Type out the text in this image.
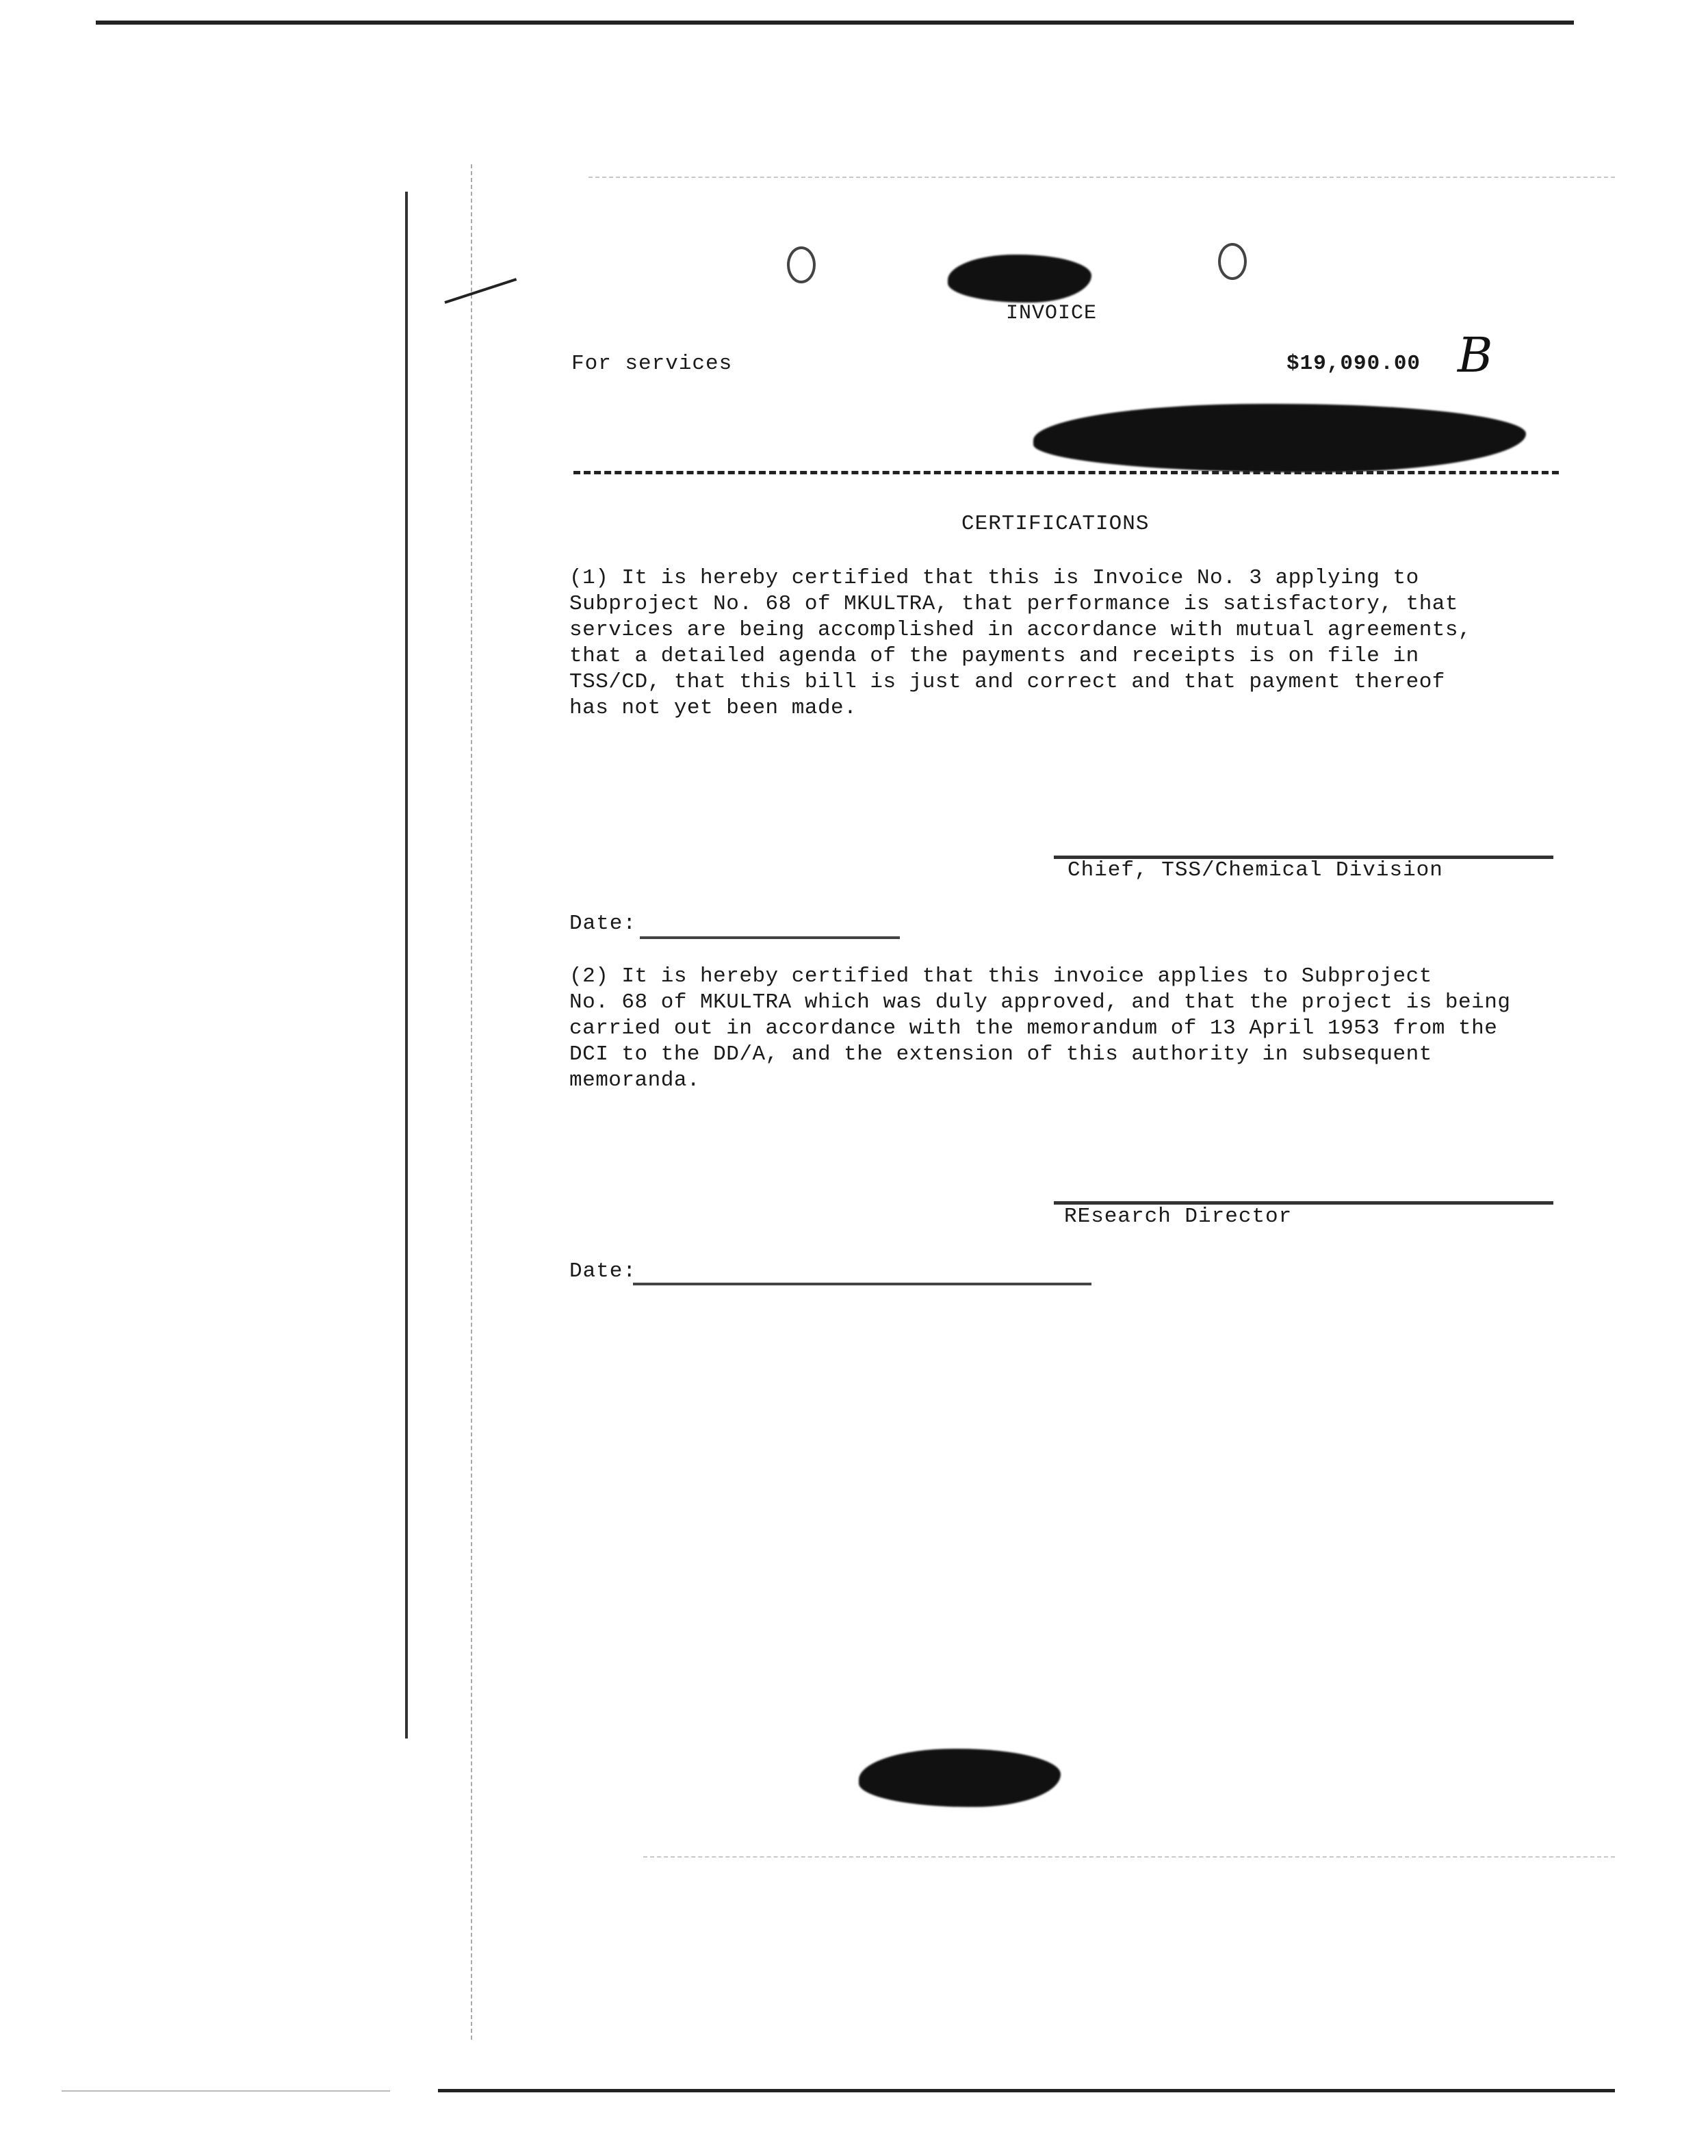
INVOICE
For services	$19,090.00 B
CERTIFICATIONS
(1) It is hereby certified that this is Invoice No. 3 applying to
Subproject No. 68 of MKULTRA, that performance is satisfactory, that
services are being accomplished in accordance with mutual agreements,
that a detailed agenda of the payments and receipts is on file in
TSS/CD, that this bill is just and correct and that payment thereof
has not yet been made.
Chief, TSS/Chemical Division
Date:
(2) It is hereby certified that this invoice applies to Subproject
No. 68 of MKULTRA which was duly approved, and that the project is being
carried out in accordance with the memorandum of 13 April 1953 from the
DCI to the DD/A, and the extension of this authority in subsequent
memoranda.
REsearch Director
Date:
